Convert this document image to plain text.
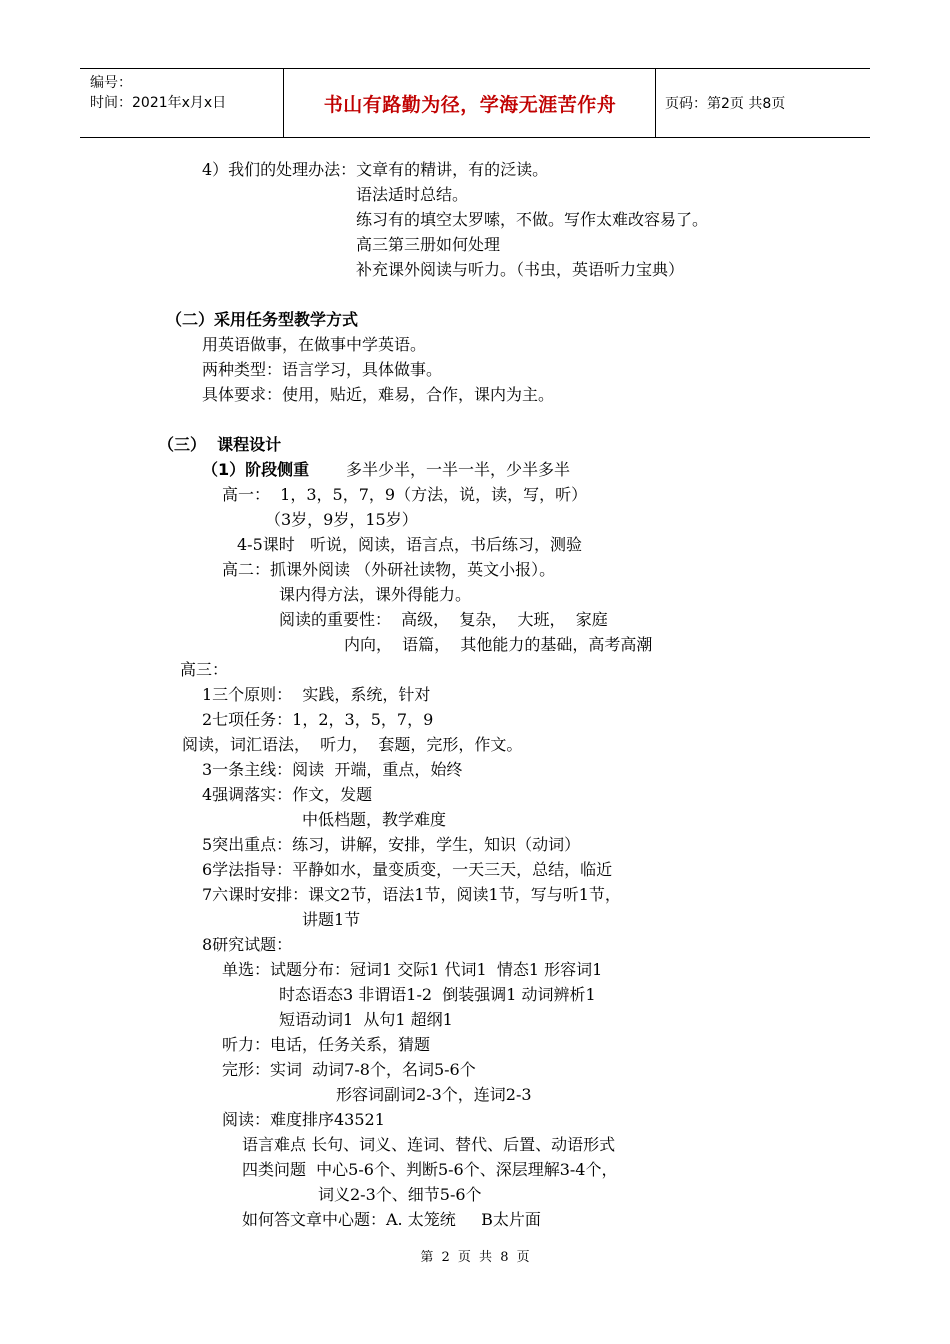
编号：
时间：2021年x月x日	书山有路勤为径，学海无涯苦作舟	页码：第2页 共8页
4）我们的处理办法：文章有的精讲，有的泛读。
语法适时总结。
练习有的填空太罗嗦，不做。写作太难改容易了。
高三第三册如何处理
补充课外阅读与听力。（书虫，英语听力宝典）
（二）采用任务型教学方式
用英语做事，在做事中学英语。
两种类型：语言学习，具体做事。
具体要求：使用，贴近，难易，合作，课内为主。
（三）  课程设计
（1）阶段侧重 多半少半，一半一半，少半多半
高一：  1，3，5，7，9（方法，说，读，写，听）
（3岁，9岁，15岁）
4-5课时   听说，阅读，语言点，书后练习，测验
高二：抓课外阅读 （外研社读物，英文小报）。
课内得方法，课外得能力。
阅读的重要性：  高级，  复杂，  大班，  家庭
内向，  语篇，  其他能力的基础，高考高潮
高三：
1三个原则：  实践，系统，针对
2七项任务：1，2，3，5，7，9
阅读，词汇语法，  听力，  套题，完形，作文。
3一条主线：阅读  开端，重点，始终
4强调落实：作文，发题
中低档题，教学难度
5突出重点：练习，讲解，安排，学生，知识（动词）
6学法指导：平静如水，量变质变，一天三天，总结，临近
7六课时安排：课文2节，语法1节，阅读1节，写与听1节，
讲题1节
8研究试题：
单选：试题分布：冠词1 交际1 代词1  情态1 形容词1
时态语态3 非谓语1-2  倒装强调1 动词辨析1
短语动词1  从句1 超纲1
听力：电话，任务关系，猜题
完形：实词  动词7-8个，名词5-6个
形容词副词2-3个，连词2-3
阅读：难度排序43521
语言难点 长句、词义、连词、替代、后置、动语形式
四类问题  中心5-6个、判断5-6个、深层理解3-4个，
词义2-3个、细节5-6个
如何答文章中心题：A. 太笼统     B太片面
第 2 页 共 8 页
